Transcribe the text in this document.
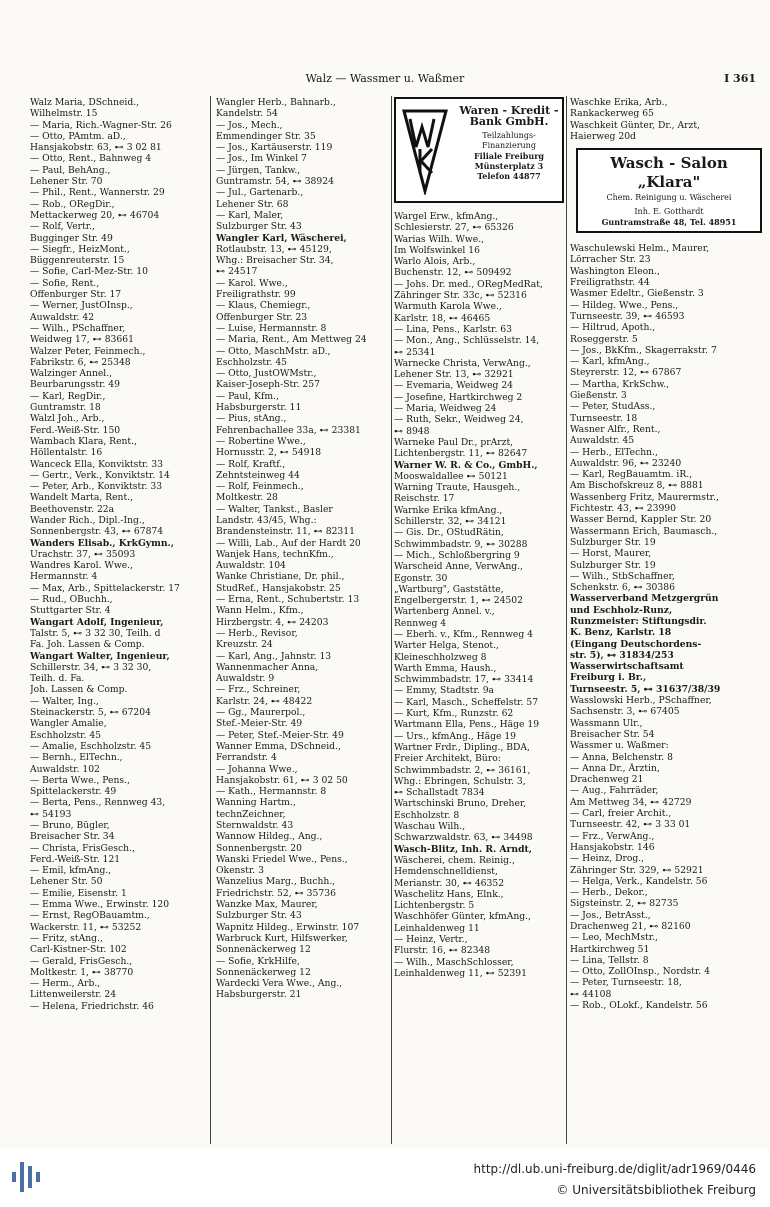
Walz — Wassmer u. Waßmer	I 361
Walz Maria, DSchneid.,
Wilhelmstr. 15
— Maria, Rich.-Wagner-Str. 26
— Otto, PAmtm. aD.,
Hansjakobstr. 63, ⊷ 3 02 81
— Otto, Rent., Bahnweg 4
— Paul, BehAng.,
Lehener Str. 70
— Phil., Rent., Wannerstr. 29
— Rob., ORegDir.,
Mettackerweg 20, ⊷ 46704
— Rolf, Vertr.,
Bugginger Str. 49
— Siegfr., HeizMont.,
Büggenreuterstr. 15
— Sofie, Carl-Mez-Str. 10
— Sofie, Rent.,
Offenburger Str. 17
— Werner, JustOInsp.,
Auwaldstr. 42
— Wilh., PSchaffner,
Weidweg 17, ⊷ 83661
Walzer Peter, Feinmech.,
Fabrikstr. 6, ⊷ 25348
Walzinger Annel.,
Beurbarungsstr. 49
— Karl, RegDir.,
Guntramstr. 18
Walzl Joh., Arb.,
Ferd.-Weiß-Str. 150
Wambach Klara, Rent.,
Höllentalstr. 16
Wanceck Ella, Konviktstr. 33
— Gertr., Verk., Konviktstr. 14
— Peter, Arb., Konviktstr. 33
Wandelt Marta, Rent.,
Beethovenstr. 22a
Wander Rich., Dipl.-Ing.,
Sonnenbergstr. 43, ⊷ 67874
Wanders Elisab., KrkGymn.,
Urachstr. 37, ⊷ 35093
Wandres Karol. Wwe.,
Hermannstr. 4
— Max, Arb., Spittelackerstr. 17
— Rud., OBuchh.,
Stuttgarter Str. 4
Wangart Adolf, Ingenieur,
Talstr. 5, ⊷ 3 32 30, Teilh. d
Fa. Joh. Lassen & Comp.
Wangart Walter, Ingenieur,
Schillerstr. 34, ⊷ 3 32 30,
Teilh. d. Fa.
Joh. Lassen & Comp.
— Walter, Ing.,
Steinackerstr. 5, ⊷ 67204
Wangler Amalie,
Eschholzstr. 45
— Amalie, Eschholzstr. 45
— Bernh., ElTechn.,
Auwaldstr. 102
— Berta Wwe., Pens.,
Spittelackerstr. 49
— Berta, Pens., Rennweg 43,
⊷ 54193
— Bruno, Bügler,
Breisacher Str. 34
— Christa, FrisGesch.,
Ferd.-Weiß-Str. 121
— Emil, kfmAng.,
Lehener Str. 50
— Emilie, Eisenstr. 1
— Emma Wwe., Erwinstr. 120
— Ernst, RegOBauamtm.,
Wackerstr. 11, ⊷ 53252
— Fritz, stAng.,
Carl-Kistner-Str. 102
— Gerald, FrisGesch.,
Moltkestr. 1, ⊷ 38770
— Herm., Arb.,
Littenweilerstr. 24
— Helena, Friedrichstr. 46
Wangler Herb., Bahnarb.,
Kandelstr. 54
— Jos., Mech.,
Emmendinger Str. 35
— Jos., Kartäuserstr. 119
— Jos., Im Winkel 7
— Jürgen, Tankw.,
Guntramstr. 54, ⊷ 38924
— Jul., Gartenarb.,
Lehener Str. 68
— Karl, Maler,
Sulzburger Str. 43
Wangler Karl, Wäscherei,
Rotlaubstr. 13, ⊷ 45129,
Whg.: Breisacher Str. 34,
⊷ 24517
— Karol. Wwe.,
Freiligrathstr. 99
— Klaus, Chemiegr.,
Offenburger Str. 23
— Luise, Hermannstr. 8
— Maria, Rent., Am Mettweg 24
— Otto, MaschMstr. aD.,
Eschholzstr. 45
— Otto, JustOWMstr.,
Kaiser-Joseph-Str. 257
— Paul, Kfm.,
Habsburgerstr. 11
— Pius, stAng.,
Fehrenbachallee 33a, ⊷ 23381
— Robertine Wwe.,
Hornusstr. 2, ⊷ 54918
— Rolf, Kraftf.,
Zehntsteinweg 44
— Rolf, Feinmech.,
Moltkestr. 28
— Walter, Tankst., Basler
Landstr. 43/45, Whg.:
Brandensteinstr. 11, ⊷ 82311
— Willi, Lab., Auf der Hardt 20
Wanjek Hans, technKfm.,
Auwaldstr. 104
Wanke Christiane, Dr. phil.,
StudRef., Hansjakobstr. 25
— Erna, Rent., Schubertstr. 13
Wann Helm., Kfm.,
Hirzbergstr. 4, ⊷ 24203
— Herb., Revisor,
Kreuzstr. 24
— Karl, Ang., Jahnstr. 13
Wannenmacher Anna,
Auwaldstr. 9
— Frz., Schreiner,
Karlstr. 24, ⊷ 48422
— Gg., Maurerpol.,
Stef.-Meier-Str. 49
— Peter, Stef.-Meier-Str. 49
Wanner Emma, DSchneid.,
Ferrandstr. 4
— Johanna Wwe.,
Hansjakobstr. 61, ⊷ 3 02 50
— Kath., Hermannstr. 8
Wanning Hartm.,
technZeichner,
Sternwaldstr. 43
Wannow Hildeg., Ang.,
Sonnenbergstr. 20
Wanski Friedel Wwe., Pens.,
Okenstr. 3
Wanzelius Marg., Buchh.,
Friedrichstr. 52, ⊷ 35736
Wanzke Max, Maurer,
Sulzburger Str. 43
Wapnitz Hildeg., Erwinstr. 107
Warbruck Kurt, Hilfswerker,
Sonnenäckerweg 12
— Sofie, KrkHilfe,
Sonnenäckerweg 12
Wardecki Vera Wwe., Ang.,
Habsburgerstr. 21
Waren - Kredit -
Bank GmbH.
Teilzahlungs-
Finanzierung
Filiale Freiburg
Münsterplatz 3
Telefon 44877
Wargel Erw., kfmAng.,
Schlesierstr. 27, ⊷ 65326
Warias Wilh. Wwe.,
Im Wolfswinkel 16
Warlo Alois, Arb.,
Buchenstr. 12, ⊷ 509492
— Johs. Dr. med., ORegMedRat,
Zähringer Str. 33c, ⊷ 52316
Warmuth Karola Wwe.,
Karlstr. 18, ⊷ 46465
— Lina, Pens., Karlstr. 63
— Mon., Ang., Schlüsselstr. 14,
⊷ 25341
Warnecke Christa, VerwAng.,
Lehener Str. 13, ⊷ 32921
— Evemaria, Weidweg 24
— Josefine, Hartkirchweg 2
— Maria, Weidweg 24
— Ruth, Sekr., Weidweg 24,
⊷ 8948
Warneke Paul Dr., prArzt,
Lichtenbergstr. 11, ⊷ 82647
Warner W. R. & Co., GmbH.,
Mooswaldallee ⊷ 50121
Warning Traute, Hausgeh.,
Reischstr. 17
Warnke Erika kfmAng.,
Schillerstr. 32, ⊷ 34121
— Gis. Dr., OStudRätin,
Schwimmbadstr. 9, ⊷ 30288
— Mich., Schloßbergring 9
Warscheid Anne, VerwAng.,
Egonstr. 30
„Wartburg", Gaststätte,
Engelbergerstr. 1, ⊷ 24502
Wartenberg Annel. v.,
Rennweg 4
— Eberh. v., Kfm., Rennweg 4
Warter Helga, Stenot.,
Kleineschholzweg 8
Warth Emma, Haush.,
Schwimmbadstr. 17, ⊷ 33414
— Emmy, Stadtstr. 9a
— Karl, Masch., Scheffelstr. 57
— Kurt, Kfm., Runzstr. 62
Wartmann Ella, Pens., Häge 19
— Urs., kfmAng., Häge 19
Wartner Frdr., Dipling., BDA,
Freier Architekt, Büro:
Schwimmbadstr. 2, ⊷ 36161,
Whg.: Ebringen, Schulstr. 3,
⊷ Schallstadt 7834
Wartschinski Bruno, Dreher,
Eschholzstr. 8
Waschau Wilh.,
Schwarzwaldstr. 63, ⊷ 34498
Wasch-Blitz, Inh. R. Arndt,
Wäscherei, chem. Reinig.,
Hemdenschnelldienst,
Merianstr. 30, ⊷ 46352
Waschelitz Hans, Elnk.,
Lichtenbergstr. 5
Waschhöfer Günter, kfmAng.,
Leinhaldenweg 11
— Heinz, Vertr.,
Flurstr. 16, ⊷ 82348
— Wilh., MaschSchlosser,
Leinhaldenweg 11, ⊷ 52391
Waschke Erika, Arb.,
Rankackerweg 65
Waschkeit Günter, Dr., Arzt,
Haierweg 20d
Wasch - Salon „Klara"
Chem. Reinigung u. Wäscherei
Inh. E. Gotthardt
Guntramstraße 48, Tel. 48951
Waschulewski Helm., Maurer,
Lörracher Str. 23
Washington Eleon.,
Freiligrathstr. 44
Wasmer Edeltr., Gießenstr. 3
— Hildeg. Wwe., Pens.,
Turnseestr. 39, ⊷ 46593
— Hiltrud, Apoth.,
Roseggerstr. 5
— Jos., BkKfm., Skagerrakstr. 7
— Karl, kfmAng.,
Steyrerstr. 12, ⊷ 67867
— Martha, KrkSchw.,
Gießenstr. 3
— Peter, StudAss.,
Turnseestr. 18
Wasner Alfr., Rent.,
Auwaldstr. 45
— Herb., ElTechn.,
Auwaldstr. 96, ⊷ 23240
— Karl, RegBauamtm. iR.,
Am Bischofskreuz 8, ⊷ 8881
Wassenberg Fritz, Maurermstr.,
Fichtestr. 43, ⊷ 23990
Wasser Bernd, Kappler Str. 20
Wassermann Erich, Baumasch.,
Sulzburger Str. 19
— Horst, Maurer,
Sulzburger Str. 19
— Wilh., StbSchaffner,
Schenkstr. 6, ⊷ 30386
Wasserverband Metzgergrün
und Eschholz-Runz,
Runzmeister: Stiftungsdir.
K. Benz, Karlstr. 18
(Eingang Deutschordens-
str. 5), ⊷ 31834/253
Wasserwirtschaftsamt
Freiburg i. Br.,
Turnseestr. 5, ⊷ 31637/38/39
Wasslowski Herb., PSchaffner,
Sachsenstr. 3, ⊷ 67405
Wassmann Ulr.,
Breisacher Str. 54
Wassmer u. Waßmer:
— Anna, Belchenstr. 8
— Anna Dr., Ärztin,
Drachenweg 21
— Aug., Fahrräder,
Am Mettweg 34, ⊷ 42729
— Carl, freier Archit.,
Turnseestr. 42, ⊷ 3 33 01
— Frz., VerwAng.,
Hansjakobstr. 146
— Heinz, Drog.,
Zähringer Str. 329, ⊷ 52921
— Helga, Verk., Kandelstr. 56
— Herb., Dekor.,
Sigsteinstr. 2, ⊷ 82735
— Jos., BetrAsst.,
Drachenweg 21, ⊷ 82160
— Leo, MechMstr.,
Hartkirchweg 51
— Lina, Tellstr. 8
— Otto, ZollOInsp., Nordstr. 4
— Peter, Turnseestr. 18,
⊷ 44108
— Rob., OLokf., Kandelstr. 56
http://dl.ub.uni-freiburg.de/diglit/adr1969/0446
© Universitätsbibliothek Freiburg
